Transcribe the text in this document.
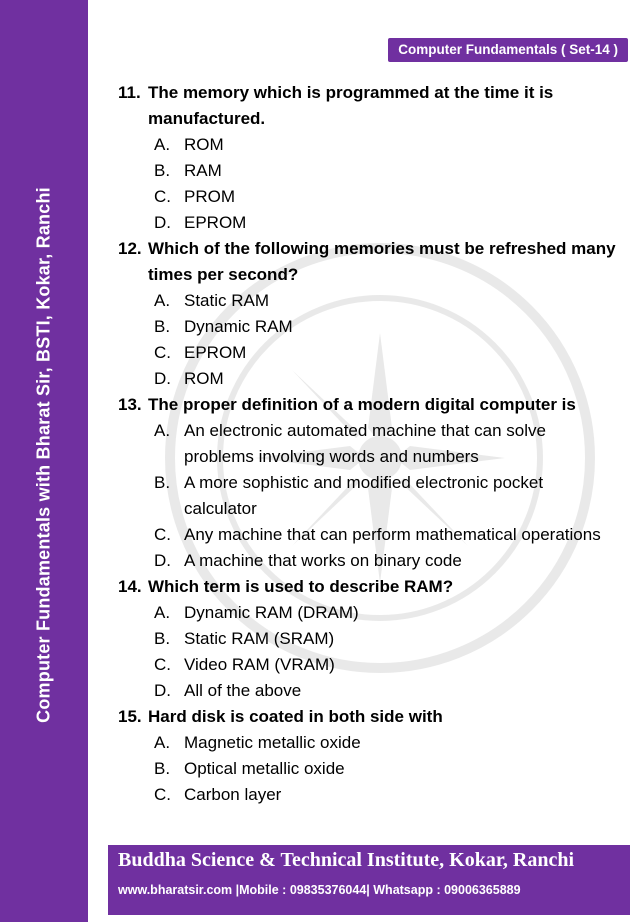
Computer Fundamentals with Bharat Sir, BSTI, Kokar, Ranchi
Computer Fundamentals ( Set-14 )
11. The memory which is programmed at the time it is manufactured.
A. ROM
B. RAM
C. PROM
D. EPROM
12. Which of the following memories must be refreshed many times per second?
A. Static RAM
B. Dynamic RAM
C. EPROM
D. ROM
13. The proper definition of a modern digital computer is
A. An electronic automated machine that can solve problems involving words and numbers
B. A more sophistic and modified electronic pocket calculator
C. Any machine that can perform mathematical operations
D. A machine that works on binary code
14. Which term is used to describe RAM?
A. Dynamic RAM (DRAM)
B. Static RAM (SRAM)
C. Video RAM (VRAM)
D. All of the above
15. Hard disk is coated in both side with
A. Magnetic metallic oxide
B. Optical metallic oxide
C. Carbon layer
Buddha Science & Technical Institute, Kokar, Ranchi
www.bharatsir.com |Mobile : 09835376044| Whatsapp : 09006365889
